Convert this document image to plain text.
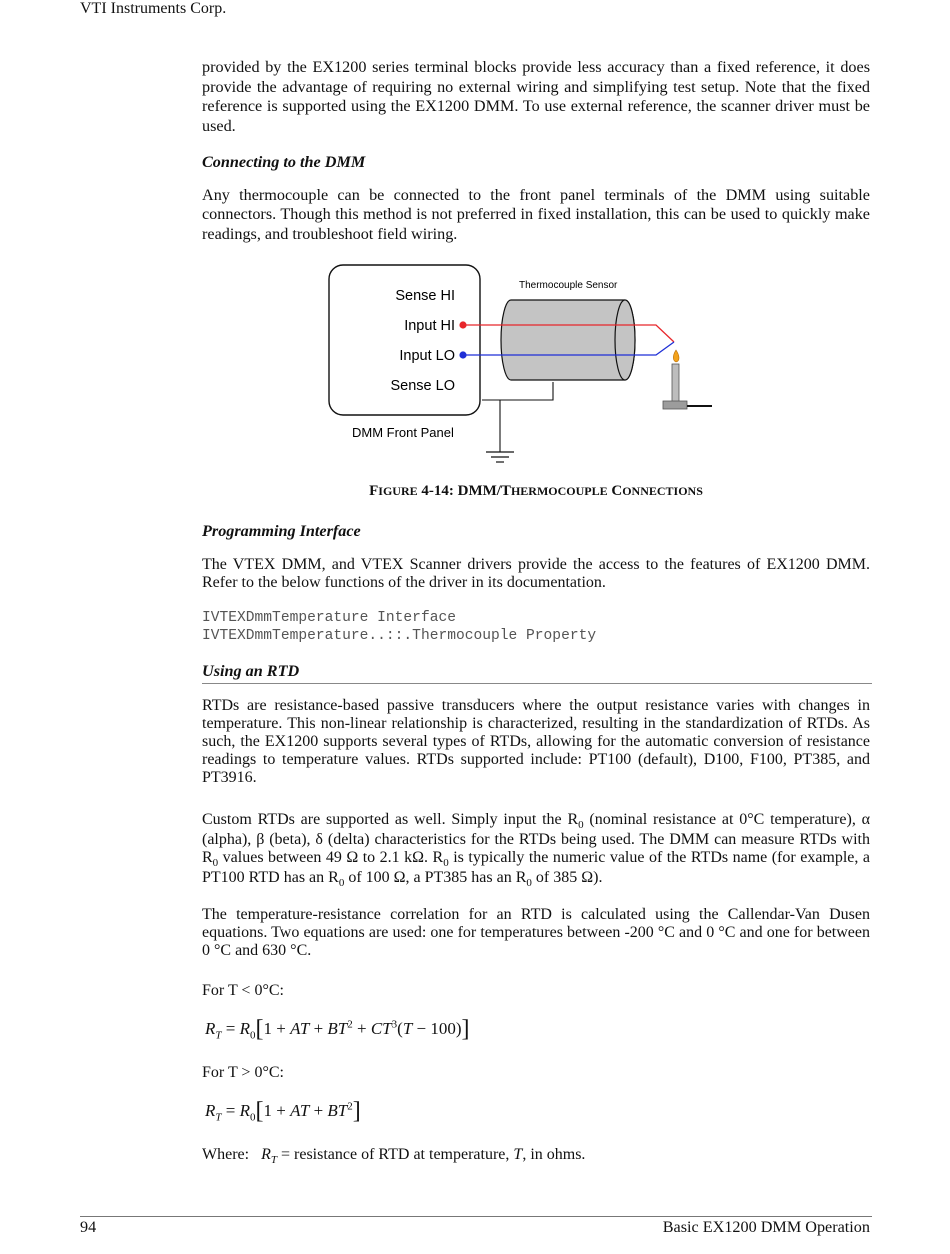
VTI Instruments Corp.

provided by the EX1200 series terminal blocks provide less accuracy than a fixed reference, it does provide the advantage of requiring no external wiring and simplifying test setup. Note that the fixed reference is supported using the EX1200 DMM. To use external reference, the scanner driver must be used.

Connecting to the DMM

Any thermocouple can be connected to the front panel terminals of the DMM using suitable connectors. Though this method is not preferred in fixed installation, this can be used to quickly make readings, and troubleshoot field wiring.

Sense HI
Input HI
Input LO
Sense LO
DMM Front Panel
Thermocouple Sensor
FIGURE 4-14: DMM/THERMOCOUPLE CONNECTIONS
Programming Interface

The VTEX DMM, and VTEX Scanner drivers provide the access to the features of EX1200 DMM. Refer to the below functions of the driver in its documentation.

IVTEXDmmTemperature Interface
IVTEXDmmTemperature..::.Thermocouple Property
Using an RTD

RTDs are resistance-based passive transducers where the output resistance varies with changes in temperature. This non-linear relationship is characterized, resulting in the standardization of RTDs. As such, the EX1200 supports several types of RTDs, allowing for the automatic conversion of resistance readings to temperature values. RTDs supported include: PT100 (default), D100, F100, PT385, and PT3916.

Custom RTDs are supported as well. Simply input the $R_0$ (nominal resistance at 0°C temperature), α (alpha), β (beta), δ (delta) characteristics for the RTDs being used. The DMM can measure RTDs with $R_0$ values between 49 Ω to 2.1 kΩ. $R_0$ is typically the numeric value of the RTDs name (for example, a PT100 RTD has an $R_0$ of 100 Ω, a PT385 has an $R_0$ of 385 Ω).

The temperature-resistance correlation for an RTD is calculated using the Callendar-Van Dusen equations. Two equations are used: one for temperatures between -200 °C and 0 °C and one for between 0 °C and 630 °C.

For T < 0°C:
$R_T = R_0[1$ + AT + $BT^2 + CT^3(T - 100)$]
For T > 0°C:
$R_T = R_0[1$ + AT + $BT^2$]
Where: $R_T$ = resistance of RTD at temperature, T, in ohms.
94	Basic EX1200 DMM Operation
